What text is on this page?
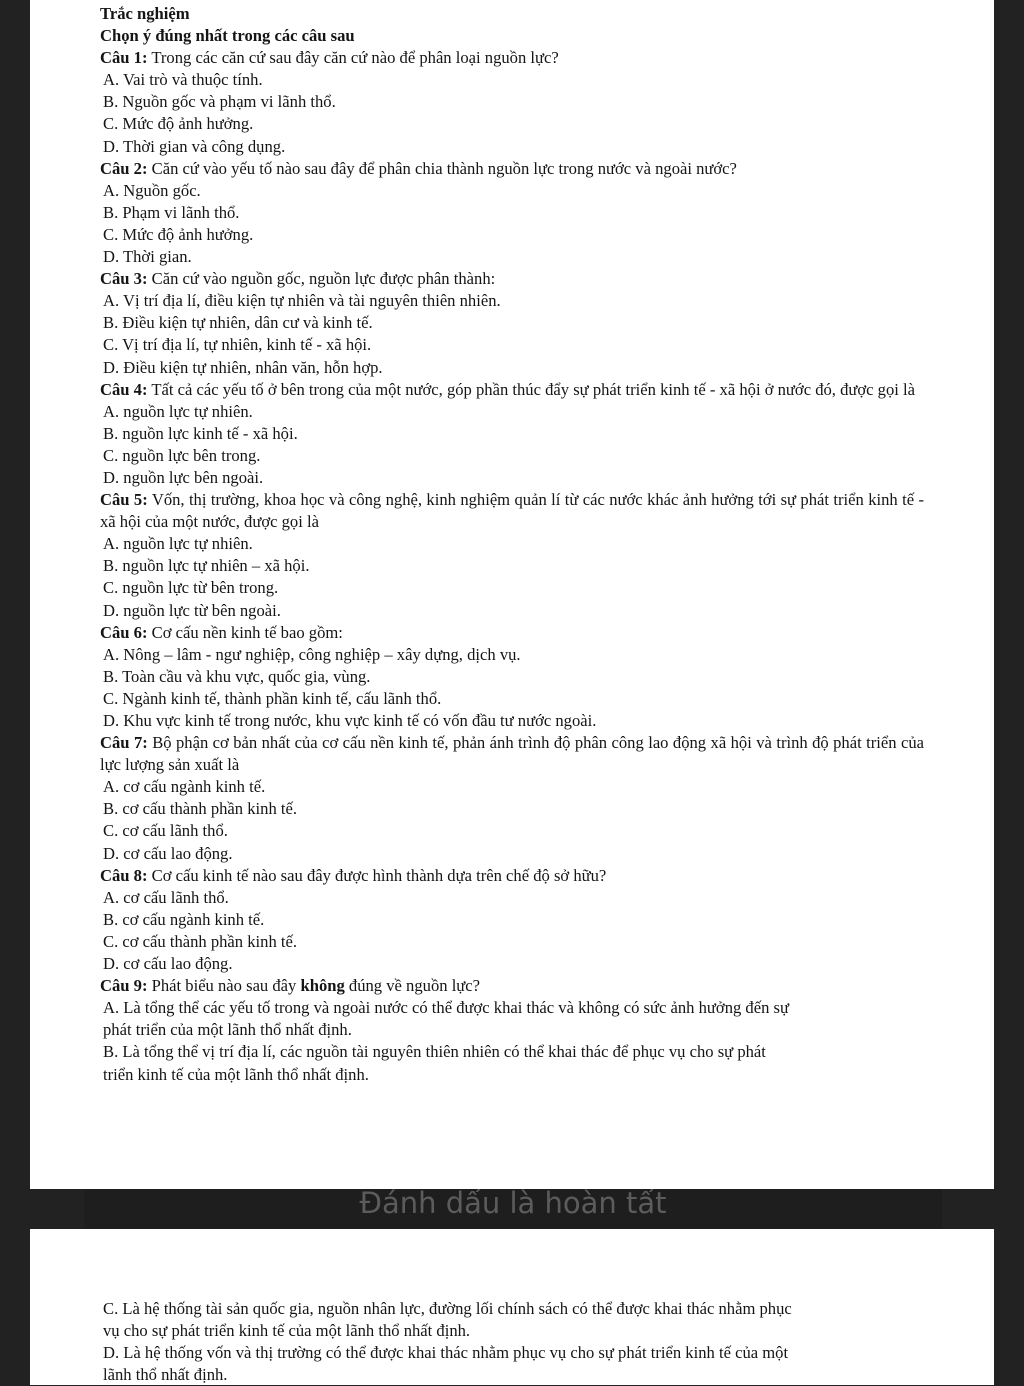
Trắc nghiệm
Chọn ý đúng nhất trong các câu sau
Câu 1: Trong các căn cứ sau đây căn cứ nào để phân loại nguồn lực?
A. Vai trò và thuộc tính.
B. Nguồn gốc và phạm vi lãnh thổ.
C. Mức độ ảnh hưởng.
D. Thời gian và công dụng.
Câu 2: Căn cứ vào yếu tố nào sau đây để phân chia thành nguồn lực trong nước và ngoài nước?
A. Nguồn gốc.
B. Phạm vi lãnh thổ.
C. Mức độ ảnh hưởng.
D. Thời gian.
Câu 3: Căn cứ vào nguồn gốc, nguồn lực được phân thành:
A. Vị trí địa lí, điều kiện tự nhiên và tài nguyên thiên nhiên.
B. Điều kiện tự nhiên, dân cư và kinh tế.
C. Vị trí địa lí, tự nhiên, kinh tế - xã hội.
D. Điều kiện tự nhiên, nhân văn, hỗn hợp.
Câu 4: Tất cả các yếu tố ở bên trong của một nước, góp phần thúc đẩy sự phát triển kinh tế - xã hội ở nước đó, được gọi là
A. nguồn lực tự nhiên.
B. nguồn lực kinh tế - xã hội.
C. nguồn lực bên trong.
D. nguồn lực bên ngoài.
Câu 5: Vốn, thị trường, khoa học và công nghệ, kinh nghiệm quản lí từ các nước khác ảnh hưởng tới sự phát triển kinh tế - xã hội của một nước, được gọi là
A. nguồn lực tự nhiên.
B. nguồn lực tự nhiên – xã hội.
C. nguồn lực từ bên trong.
D. nguồn lực từ bên ngoài.
Câu 6: Cơ cấu nền kinh tế bao gồm:
A. Nông – lâm - ngư nghiệp, công nghiệp – xây dựng, dịch vụ.
B. Toàn cầu và khu vực, quốc gia, vùng.
C. Ngành kinh tế, thành phần kinh tế, cấu lãnh thổ.
D. Khu vực kinh tế trong nước, khu vực kinh tế có vốn đầu tư nước ngoài.
Câu 7: Bộ phận cơ bản nhất của cơ cấu nền kinh tế, phản ánh trình độ phân công lao động xã hội và trình độ phát triển của lực lượng sản xuất là
A. cơ cấu ngành kinh tế.
B. cơ cấu thành phần kinh tế.
C. cơ cấu lãnh thổ.
D. cơ cấu lao động.
Câu 8: Cơ cấu kinh tế nào sau đây được hình thành dựa trên chế độ sở hữu?
A. cơ cấu lãnh thổ.
B. cơ cấu ngành kinh tế.
C. cơ cấu thành phần kinh tế.
D. cơ cấu lao động.
Câu 9: Phát biểu nào sau đây không đúng về nguồn lực?
A. Là tổng thể các yếu tố trong và ngoài nước có thể được khai thác và không có sức ảnh hưởng đến sự
phát triển của một lãnh thổ nhất định.
B. Là tổng thể vị trí địa lí, các nguồn tài nguyên thiên nhiên có thể khai thác để phục vụ cho sự phát
triển kinh tế của một lãnh thổ nhất định.
Đánh dấu là hoàn tất
C. Là hệ thống tài sản quốc gia, nguồn nhân lực, đường lối chính sách có thể được khai thác nhằm phục
vụ cho sự phát triển kinh tế của một lãnh thổ nhất định.
D. Là hệ thống vốn và thị trường có thể được khai thác nhằm phục vụ cho sự phát triển kinh tế của một
lãnh thổ nhất định.
